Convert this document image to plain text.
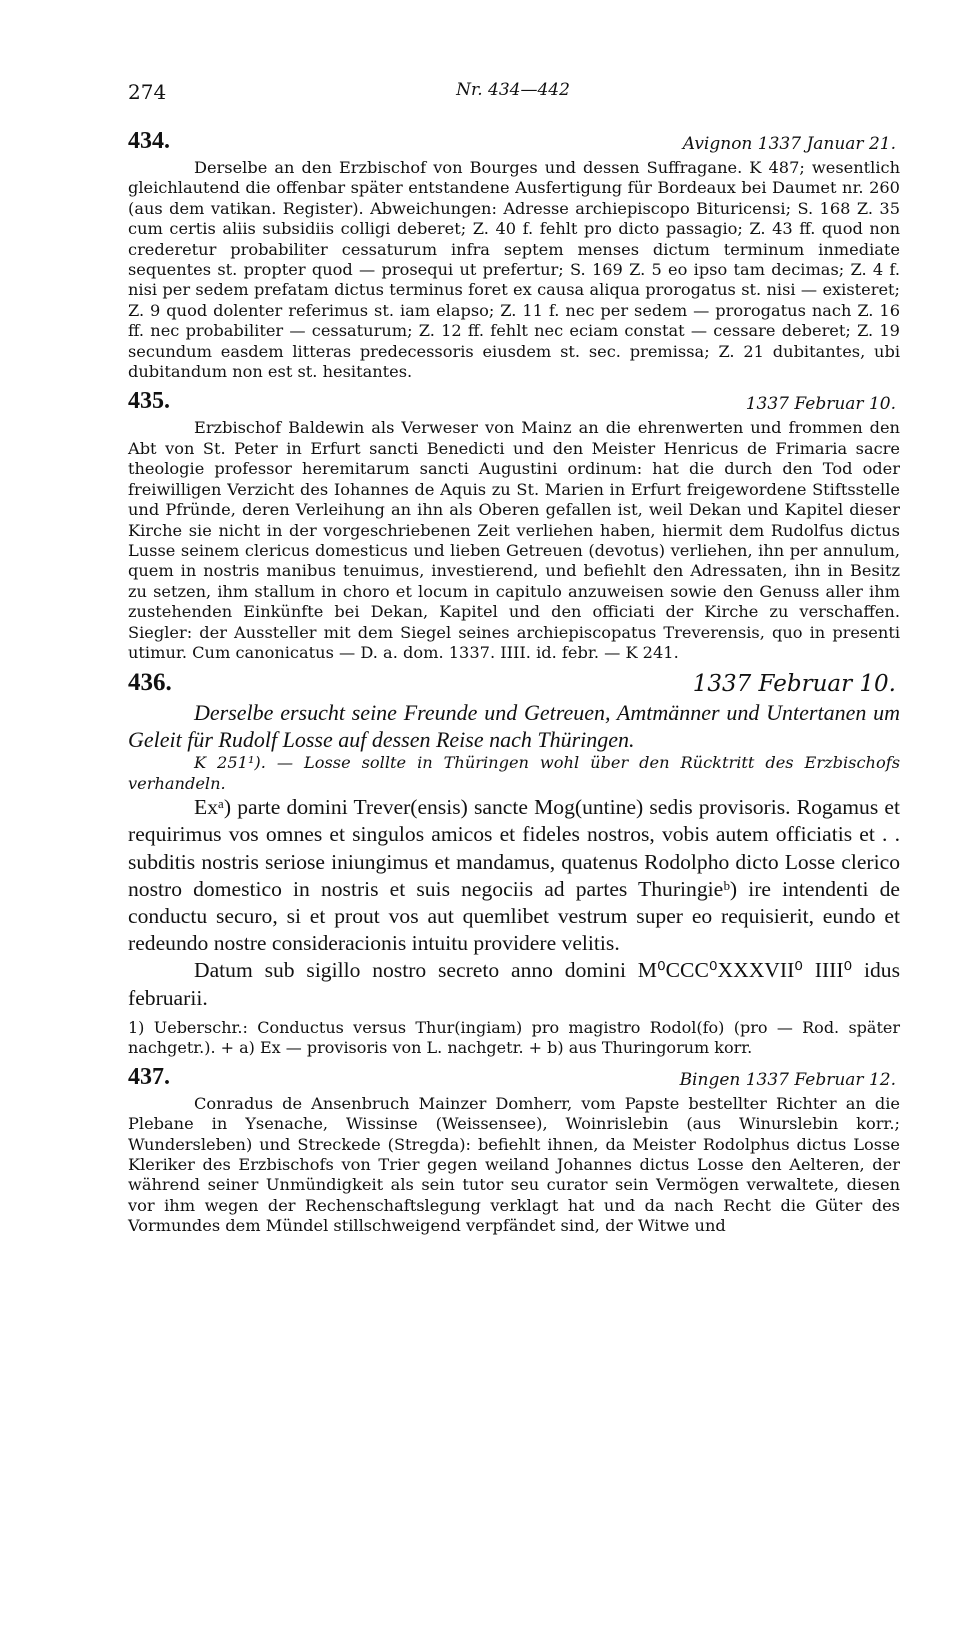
274	Nr. 434—442
434.	Avignon 1337 Januar 21.

Derselbe an den Erzbischof von Bourges und dessen Suffragane. K 487; wesentlich gleichlautend die offenbar später entstandene Ausfertigung für Bordeaux bei Daumet nr. 260 (aus dem vatikan. Register). Abweichungen: Adresse archiepiscopo Bituricensi; S. 168 Z. 35 cum certis aliis subsidiis colligi deberet; Z. 40 f. fehlt pro dicto passagio; Z. 43 ff. quod non crederetur probabiliter cessaturum infra septem menses dictum terminum inmediate sequentes st. propter quod — prosequi ut prefertur; S. 169 Z. 5 eo ipso tam decimas; Z. 4 f. nisi per sedem prefatam dictus terminus foret ex causa aliqua prorogatus st. nisi — existeret; Z. 9 quod dolenter referimus st. iam elapso; Z. 11 f. nec per sedem — prorogatus nach Z. 16 ff. nec probabiliter — cessaturum; Z. 12 ff. fehlt nec eciam constat — cessare deberet; Z. 19 secundum easdem litteras predecessoris eiusdem st. sec. premissa; Z. 21 dubitantes, ubi dubitandum non est st. hesitantes.

435.	1337 Februar 10.

Erzbischof Baldewin als Verweser von Mainz an die ehrenwerten und frommen den Abt von St. Peter in Erfurt sancti Benedicti und den Meister Henricus de Frimaria sacre theologie professor heremitarum sancti Augustini ordinum: hat die durch den Tod oder freiwilligen Verzicht des Iohannes de Aquis zu St. Marien in Erfurt freigewordene Stiftsstelle und Pfründe, deren Verleihung an ihn als Oberen gefallen ist, weil Dekan und Kapitel dieser Kirche sie nicht in der vorgeschriebenen Zeit verliehen haben, hiermit dem Rudolfus dictus Lusse seinem clericus domesticus und lieben Getreuen (devotus) verliehen, ihn per annulum, quem in nostris manibus tenuimus, investierend, und befiehlt den Adressaten, ihn in Besitz zu setzen, ihm stallum in choro et locum in capitulo anzuweisen sowie den Genuss aller ihm zustehenden Einkünfte bei Dekan, Kapitel und den officiati der Kirche zu verschaffen. Siegler: der Aussteller mit dem Siegel seines archiepiscopatus Treverensis, quo in presenti utimur. Cum canonicatus — D. a. dom. 1337. IIII. id. febr. — K 241.

436.	1337 Februar 10.

Derselbe ersucht seine Freunde und Getreuen, Amtmänner und Untertanen um Geleit für Rudolf Losse auf dessen Reise nach Thüringen.

K 251¹). — Losse sollte in Thüringen wohl über den Rücktritt des Erzbischofs verhandeln.

Exᵃ) parte domini Trever(ensis) sancte Mog(untine) sedis provisoris. Rogamus et requirimus vos omnes et singulos amicos et fideles nostros, vobis autem officiatis et . . subditis nostris seriose iniungimus et mandamus, quatenus Rodolpho dicto Losse clerico nostro domestico in nostris et suis negociis ad partes Thuringieᵇ) ire intendenti de conductu securo, si et prout vos aut quemlibet vestrum super eo requisierit, eundo et redeundo nostre consideracionis intuitu providere velitis.

Datum sub sigillo nostro secreto anno domini M⁰CCC⁰XXXVII⁰ IIII⁰ idus februarii.

1) Ueberschr.: Conductus versus Thur(ingiam) pro magistro Rodol(fo) (pro — Rod. später nachgetr.). + a) Ex — provisoris von L. nachgetr. + b) aus Thuringorum korr.

437.	Bingen 1337 Februar 12.

Conradus de Ansenbruch Mainzer Domherr, vom Papste bestellter Richter an die Plebane in Ysenache, Wissinse (Weissensee), Woinrislebin (aus Winurslebin korr.; Wundersleben) und Streckede (Stregda): befiehlt ihnen, da Meister Rodolphus dictus Losse Kleriker des Erzbischofs von Trier gegen weiland Johannes dictus Losse den Aelteren, der während seiner Unmündigkeit als sein tutor seu curator sein Vermögen verwaltete, diesen vor ihm wegen der Rechenschaftslegung verklagt hat und da nach Recht die Güter des Vormundes dem Mündel stillschweigend verpfändet sind, der Witwe und
